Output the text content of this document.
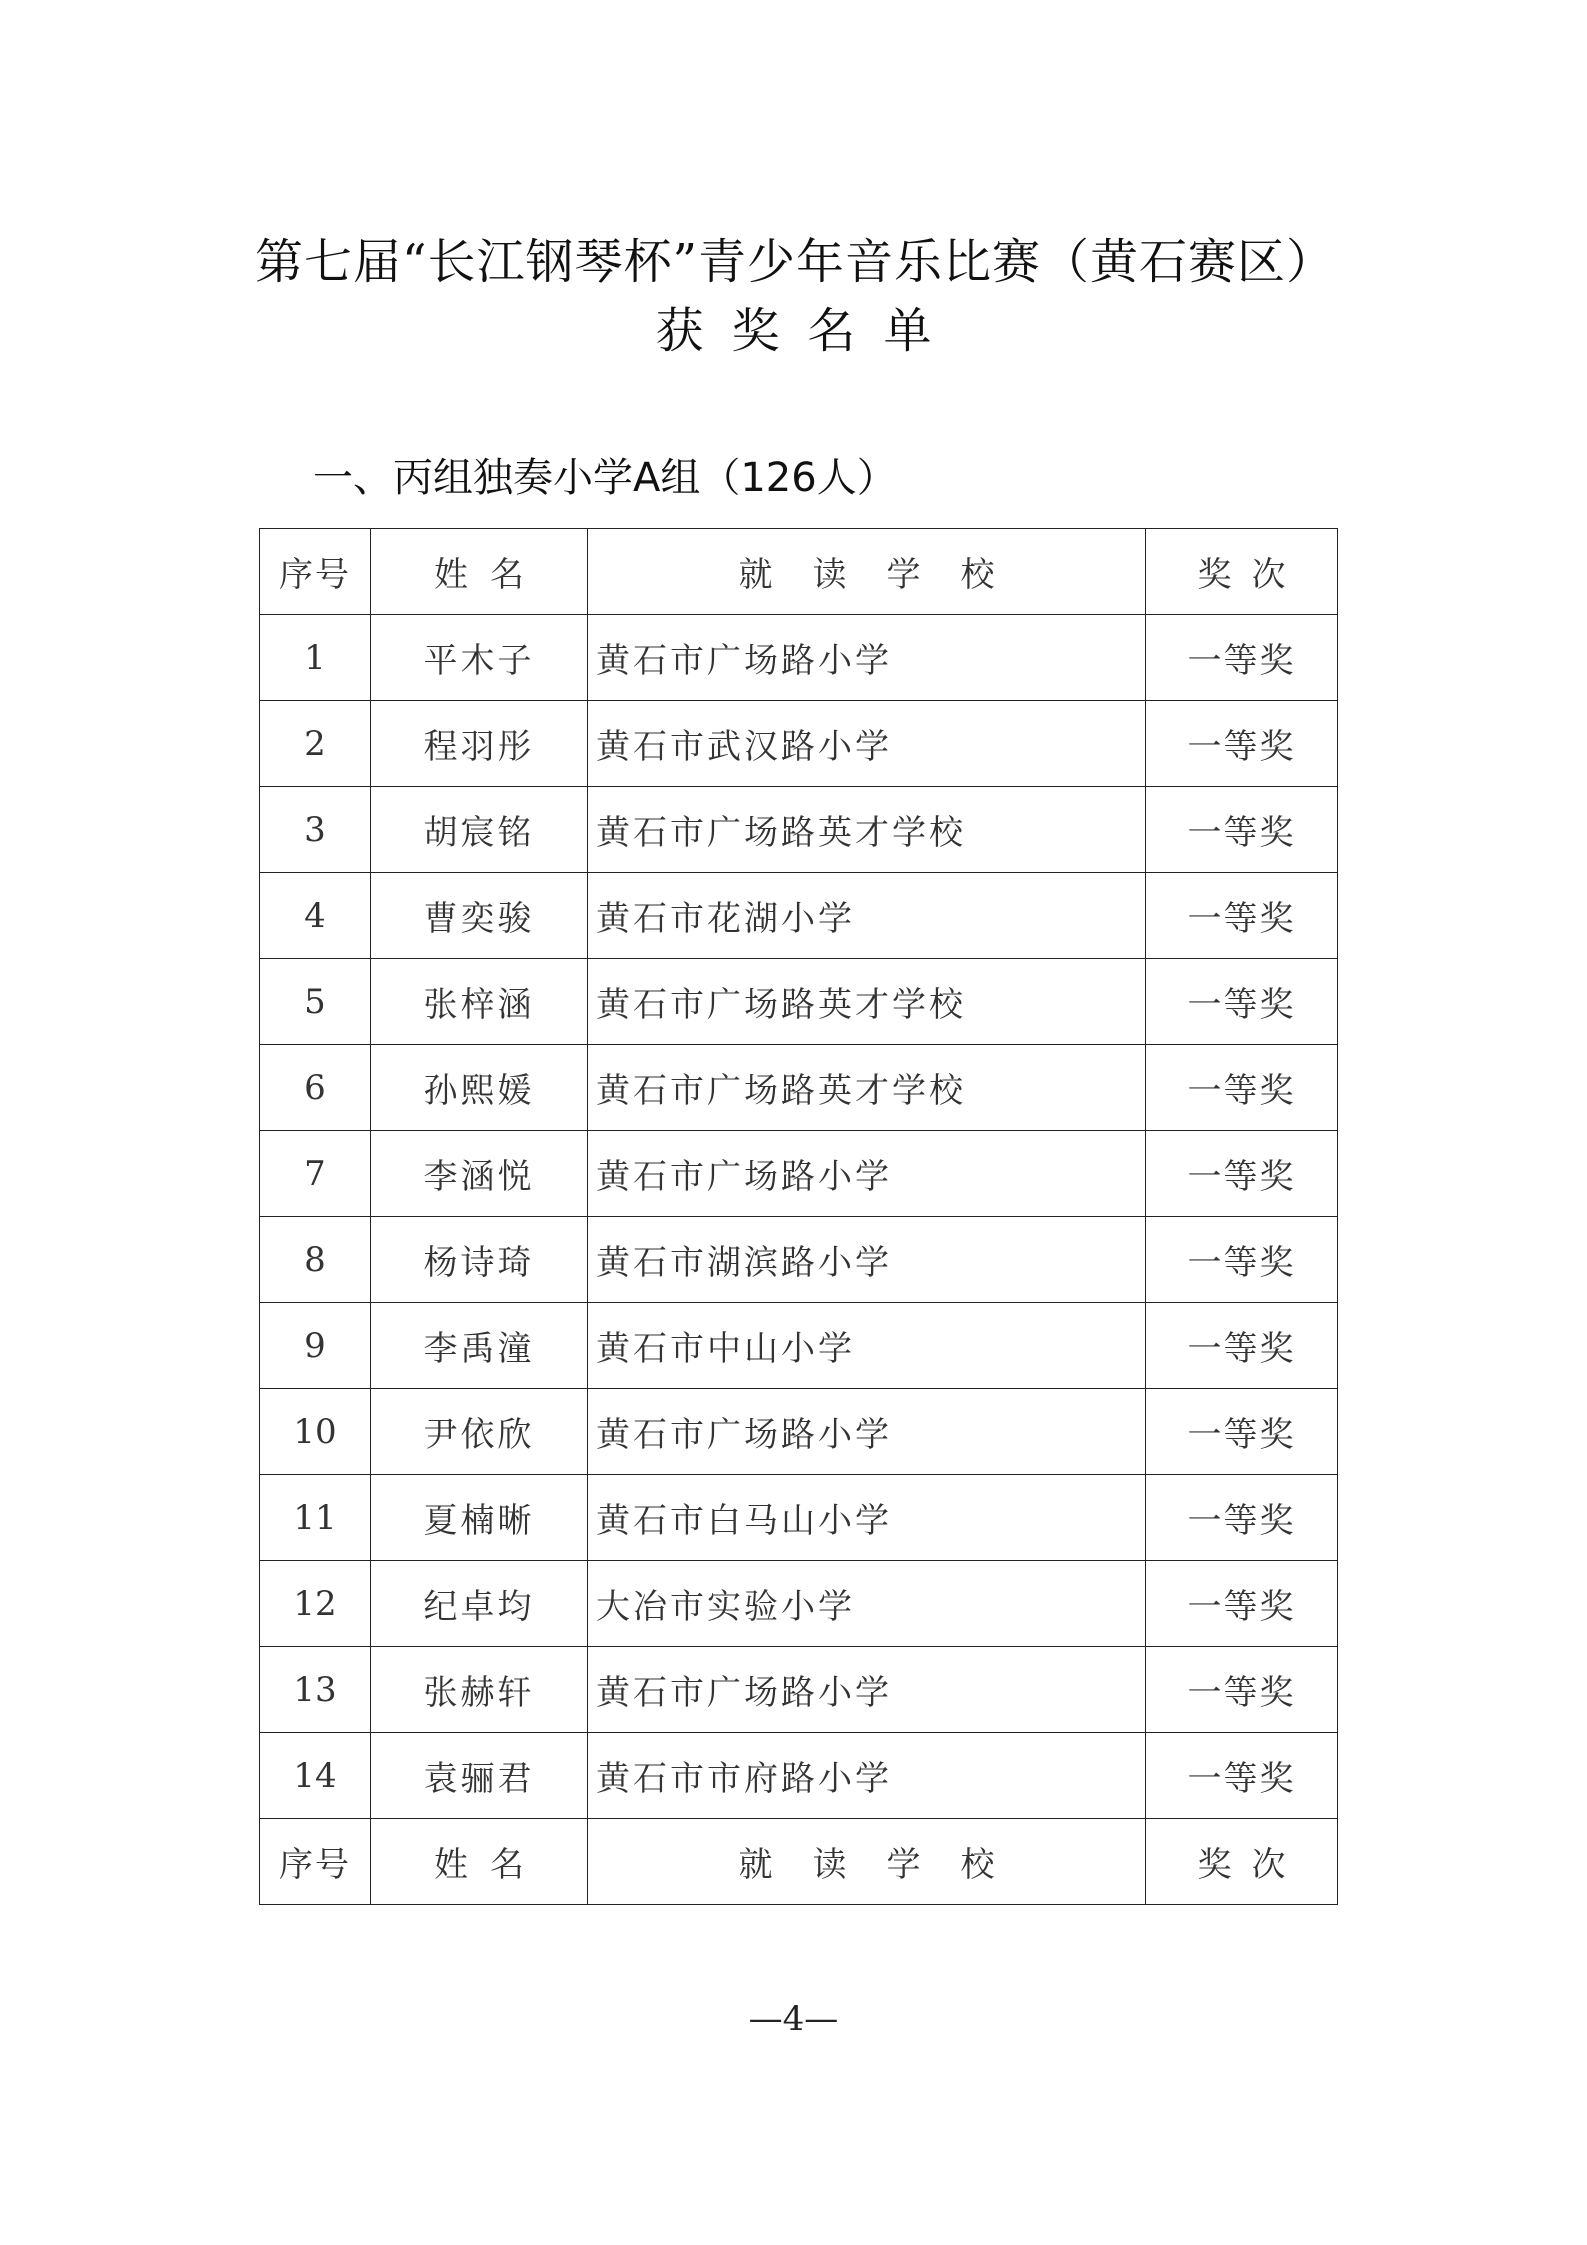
第七届“长江钢琴杯”青少年音乐比赛（黄石赛区）
获奖名单
一、丙组独奏小学A组（126人）
序号	姓名	就读学校	奖次
1	平木子	黄石市广场路小学	一等奖
2	程羽彤	黄石市武汉路小学	一等奖
3	胡宸铭	黄石市广场路英才学校	一等奖
4	曹奕骏	黄石市花湖小学	一等奖
5	张梓涵	黄石市广场路英才学校	一等奖
6	孙熙媛	黄石市广场路英才学校	一等奖
7	李涵悦	黄石市广场路小学	一等奖
8	杨诗琦	黄石市湖滨路小学	一等奖
9	李禹潼	黄石市中山小学	一等奖
10	尹依欣	黄石市广场路小学	一等奖
11	夏楠晰	黄石市白马山小学	一等奖
12	纪卓均	大冶市实验小学	一等奖
13	张赫轩	黄石市广场路小学	一等奖
14	袁骊君	黄石市市府路小学	一等奖
序号	姓名	就读学校	奖次
—4—
